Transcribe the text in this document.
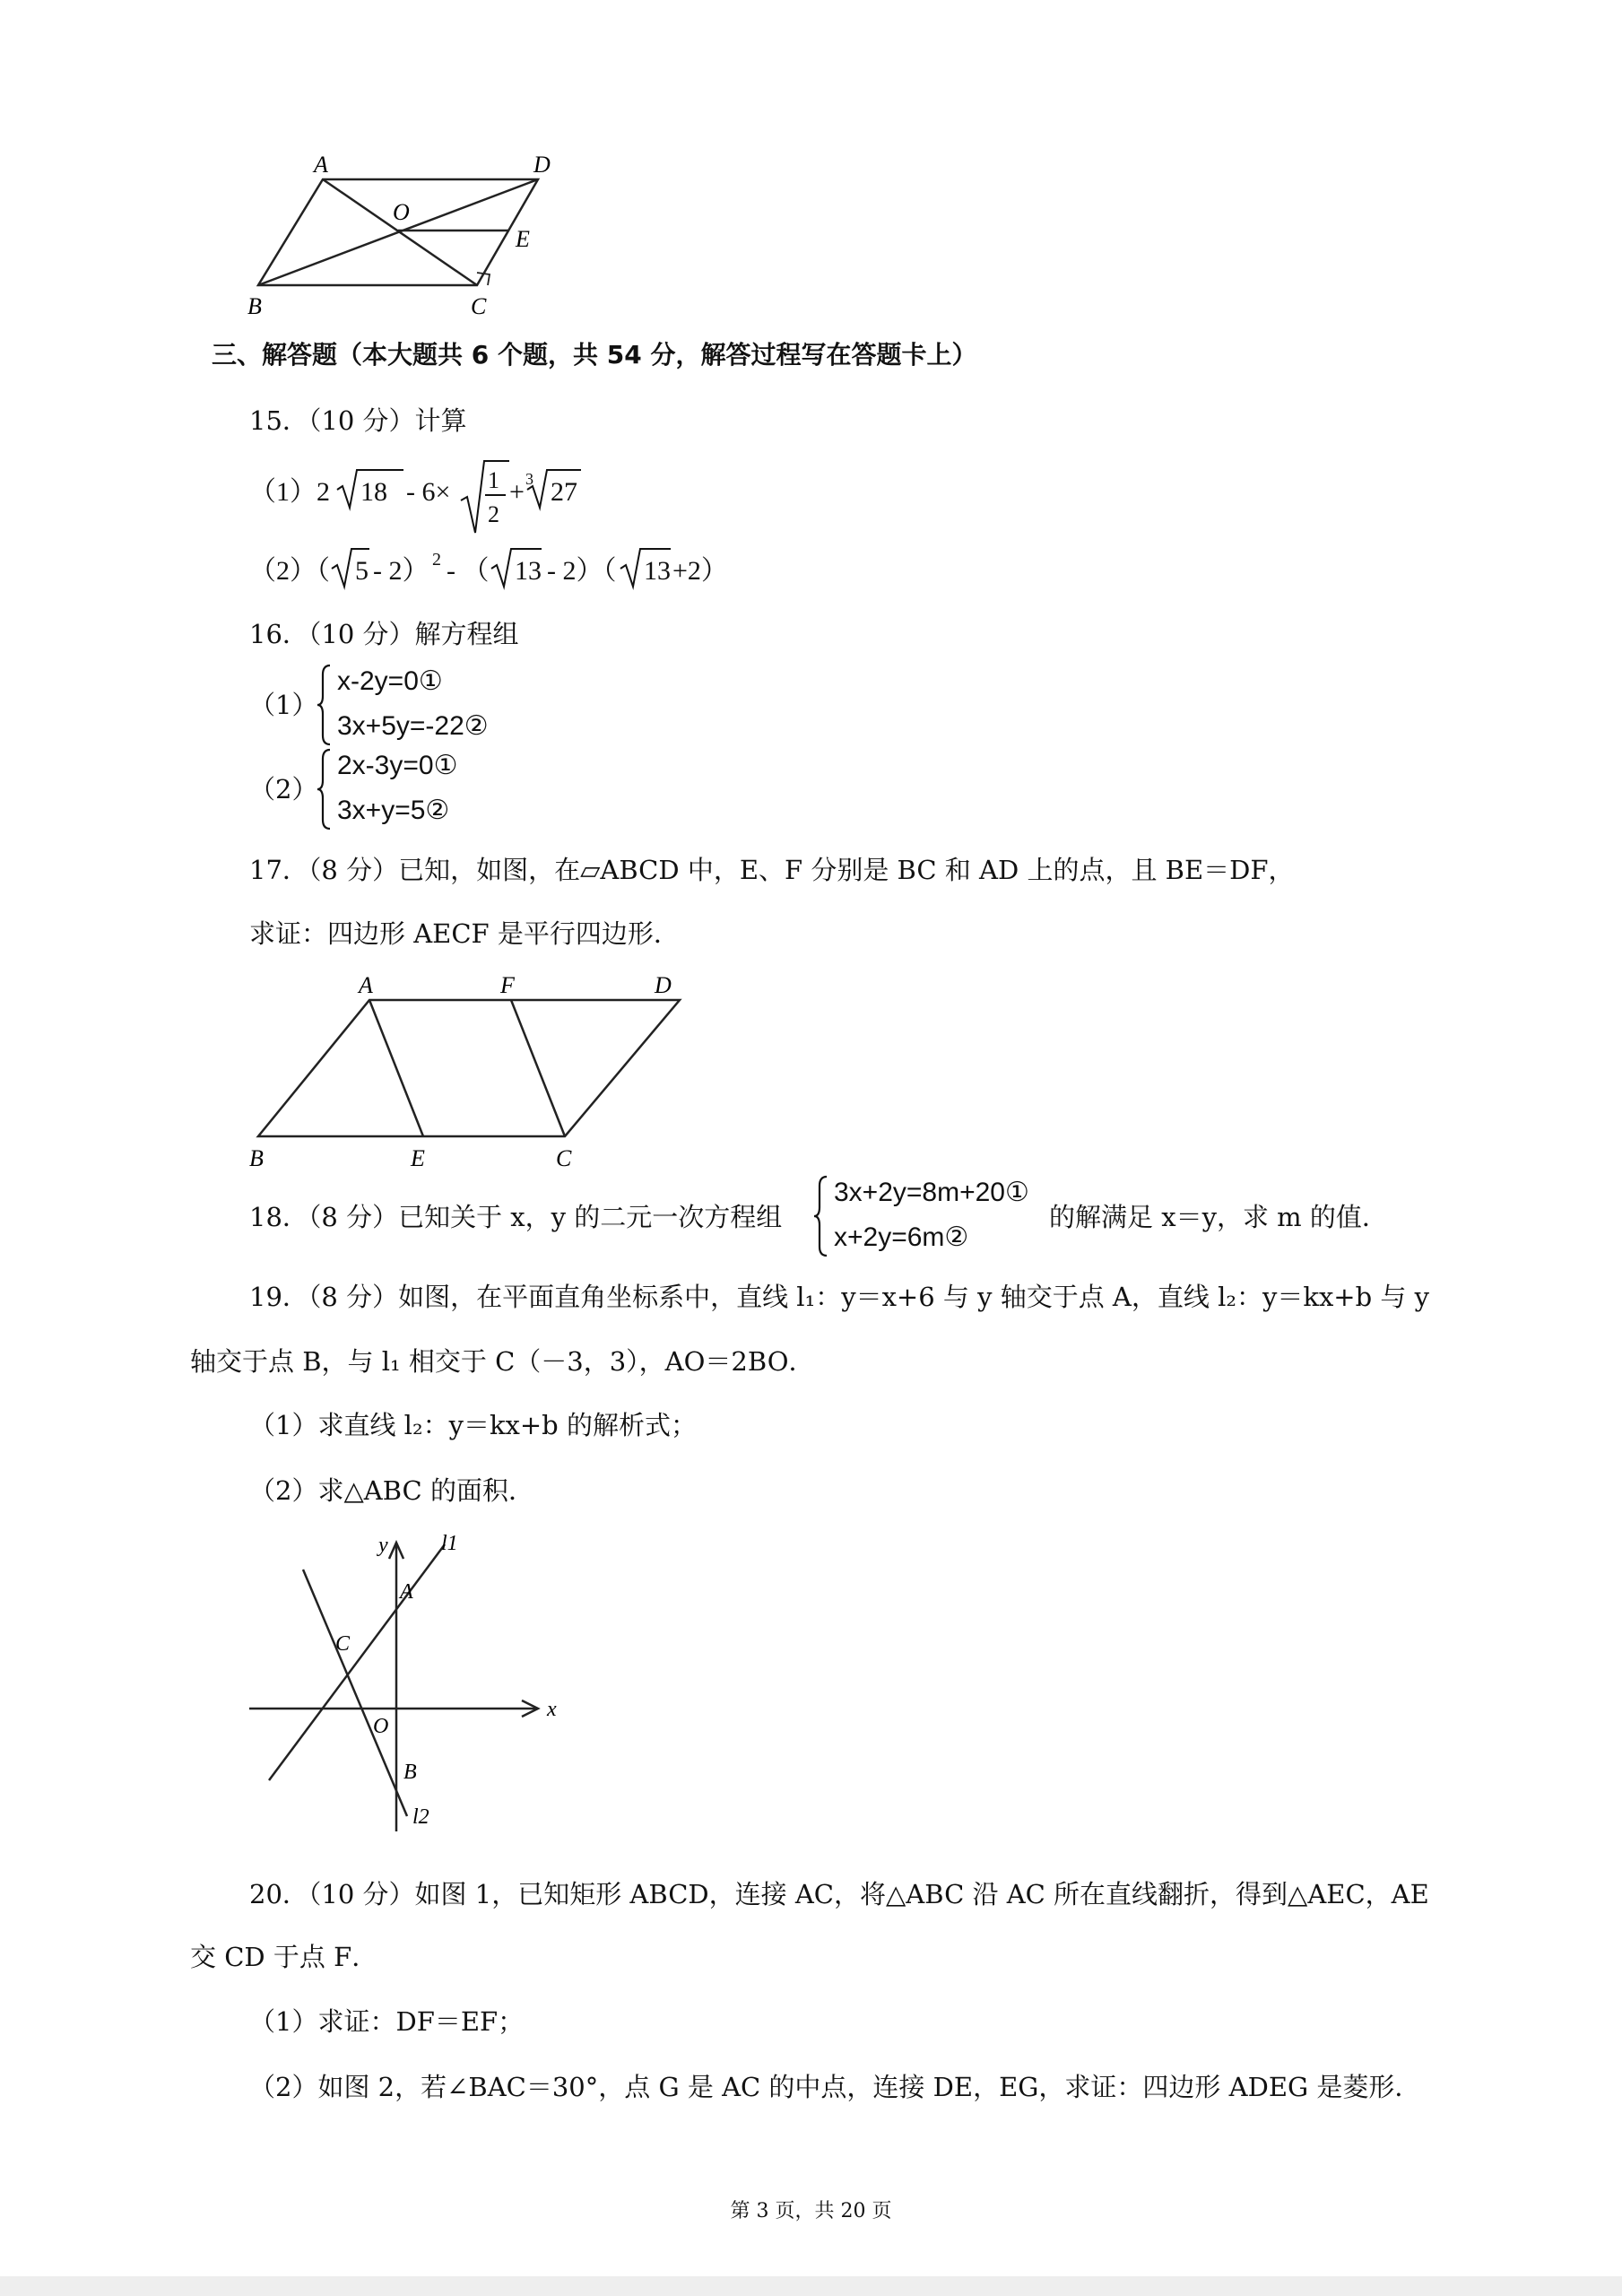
A	D
O
E
B	C
三、解答题（本大题共 6 个题，共 54 分，解答过程写在答题卡上）
15．（10 分）计算
（1）2 18 - 6× 1
2
+ 3 27
（2）（ 5 - 2） 2 - （ 13 - 2）（ 13 +2）
16．（10 分）解方程组
（1）
x-2y=0①
3x+5y=-22②
（2）
2x-3y=0①
3x+y=5②
17．（8 分）已知，如图，在▱ABCD 中，E、F 分别是 BC 和 AD 上的点，且 BE＝DF，
求证：四边形 AECF 是平行四边形．
A	F	D
B	E	C
18．（8 分）已知关于 x，y 的二元一次方程组
3x+2y=8m+20①
x+2y=6m②
的解满足 x＝y，求 m 的值．
19．（8 分）如图，在平面直角坐标系中，直线 l₁：y＝x+6 与 y 轴交于点 A，直线 l₂：y＝kx+b 与 y
轴交于点 B，与 l₁ 相交于 C（－3，3），AO＝2BO．
（1）求直线 l₂：y＝kx+b 的解析式；
（2）求△ABC 的面积．
y l1
A
C
O
x
B
l2
20．（10 分）如图 1，已知矩形 ABCD，连接 AC，将△ABC 沿 AC 所在直线翻折，得到△AEC，AE
交 CD 于点 F．
（1）求证：DF＝EF；
（2）如图 2，若∠BAC＝30°，点 G 是 AC 的中点，连接 DE，EG，求证：四边形 ADEG 是菱形．
第 3 页，共 20 页
